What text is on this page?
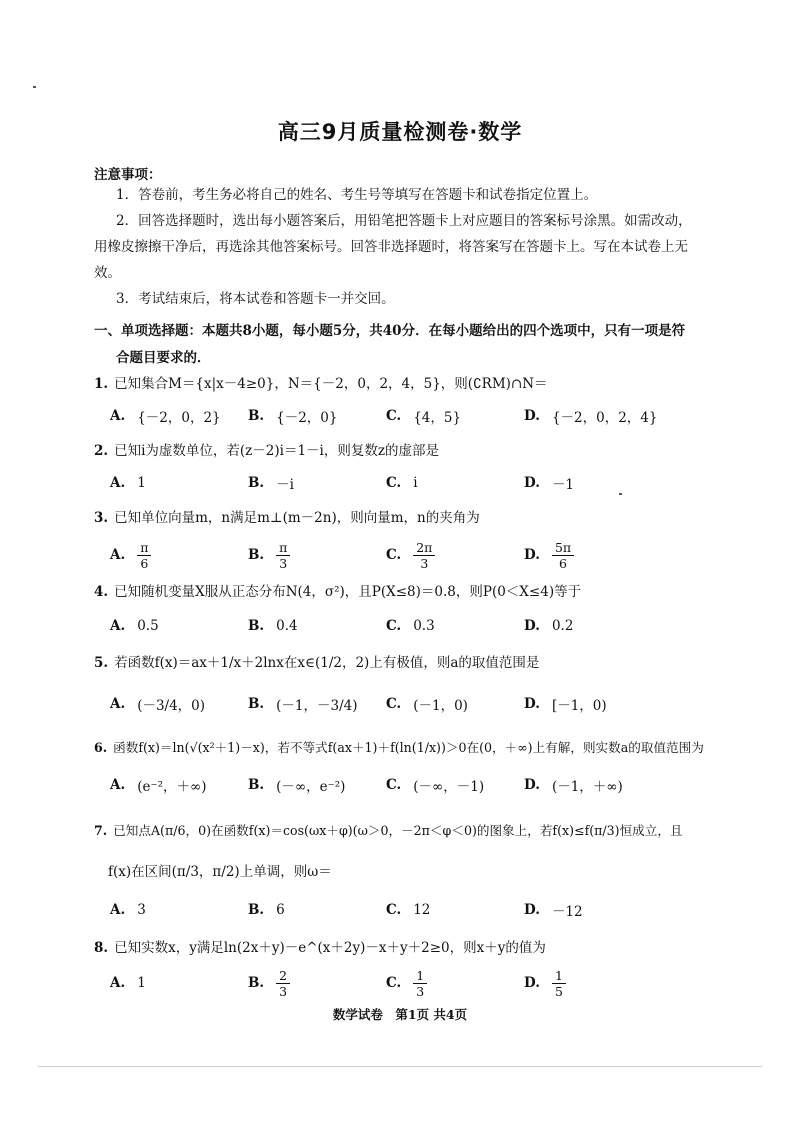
高三9月质量检测卷·数学
注意事项：
1．答卷前，考生务必将自己的姓名、考生号等填写在答题卡和试卷指定位置上。
2．回答选择题时，选出每小题答案后，用铅笔把答题卡上对应题目的答案标号涂黑。如需改动，
用橡皮擦擦干净后，再选涂其他答案标号。回答非选择题时，将答案写在答题卡上。写在本试卷上无
效。
3．考试结束后，将本试卷和答题卡一并交回。
一、单项选择题：本题共8小题，每小题5分，共40分．在每小题给出的四个选项中，只有一项是符
合题目要求的．
1. 已知集合M＝{x|x－4≥0}，N＝{－2，0，2，4，5}，则(∁RM)∩N＝
A. {－2，0，2} B. {－2，0}	C. {4，5}	D. {－2，0，2，4}
2. 已知i为虚数单位，若(z－2)i＝1－i，则复数z的虚部是
A. 1	B. －i	C. i	D. －1
3. 已知单位向量m，n满足m⊥(m－2n)，则向量m，n的夹角为
A. $\frac{\pi}{6}$	B. $\frac{\pi}{3}$	C. $\frac{2\pi}{3}$	D. $\frac{5\pi}{6}$
4. 已知随机变量X服从正态分布N(4，σ²)，且P(X≤8)＝0.8，则P(0＜X≤4)等于
A. 0.5	B. 0.4	C. 0.3	D. 0.2
5. 若函数f(x)＝ax＋1/x＋2lnx在x∈(1/2，2)上有极值，则a的取值范围是
A. (－3/4，0)	B. (－1，－3/4) C. (－1，0)	D. [－1，0)
6. 函数f(x)＝ln(√(x²＋1)－x)，若不等式f(ax＋1)＋f(ln(1/x))＞0在(0，＋∞)上有解，则实数a的取值范围为
A. (e⁻²，＋∞)	B. (－∞，e⁻²)	C. (－∞，－1)	D. (－1，＋∞)
7. 已知点A(π/6，0)在函数f(x)＝cos(ωx＋φ)(ω＞0，－2π＜φ＜0)的图象上，若f(x)≤f(π/3)恒成立，且
f(x)在区间(π/3，π/2)上单调，则ω＝
A. 3	B. 6	C. 12	D. －12
8. 已知实数x，y满足ln(2x＋y)－e^(x＋2y)－x＋y＋2≥0，则x＋y的值为
A. 1	B. $\frac{2}{3}$	C. $\frac{1}{3}$	D. $\frac{1}{5}$
数学试卷　第1页 共4页
